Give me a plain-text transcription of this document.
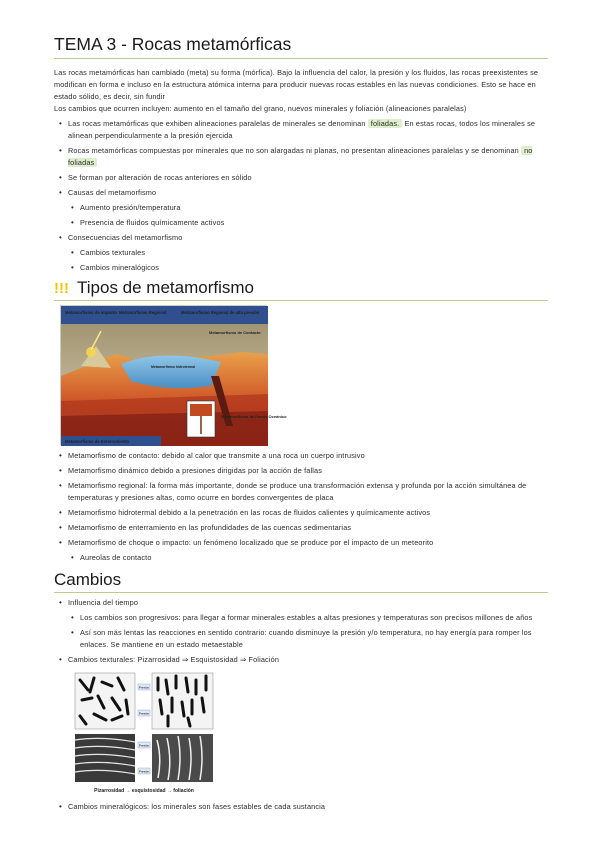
TEMA 3 - Rocas metamórficas

Las rocas metamórficas han cambiado (meta) su forma (mórfica). Bajo la influencia del calor, la presión y los fluidos, las rocas preexistentes se modifican en forma e incluso en la estructura atómica interna para producir nuevas rocas estables en las nuevas condiciones. Esto se hace en estado sólido, es decir, sin fundir

Los cambios que ocurren incluyen: aumento en el tamaño del grano, nuevos minerales y foliación (alineaciones paralelas)

• Las rocas metamórficas que exhiben alineaciones paralelas de minerales se denominan foliadas. En estas rocas, todos los minerales se alinean perpendicularmente a la presión ejercida
• Rocas metamórficas compuestas por minerales que no son alargadas ni planas, no presentan alineaciones paralelas y se denominan no foliadas
• Se forman por alteración de rocas anteriores en sólido
• Causas del metamorfismo
• Aumento presión/temperatura
• Presencia de fluidos químicamente activos
• Consecuencias del metamorfismo
• Cambios texturales
• Cambios mineralógicos
!!! Tipos de metamorfismo
Metamorfismo de impacto Metamorfismo Regional	Metamorfismo Regional de alta presión
Metamorfismo de Contacto
Metamorfismo hidrotermal
Metamorfismo de Fondo Oceánico
Metamorfismo de Enterramiento
• Metamorfismo de contacto: debido al calor que transmite a una roca un cuerpo intrusivo
• Metamorfismo dinámico debido a presiones dirigidas por la acción de fallas
• Metamorfismo regional: la forma más importante, donde se produce una transformación extensa y profunda por la acción simultánea de temperaturas y presiones altas, como ocurre en bordes convergentes de placa
• Metamorfismo hidrotermal debido a la penetración en las rocas de fluidos calientes y químicamente activos
• Metamorfismo de enterramiento en las profundidades de las cuencas sedimentarias
• Metamorfismo de choque o impacto: un fenómeno localizado que se produce por el impacto de un meteorito
• Aureolas de contacto
Cambios
• Influencia del tiempo
• Los cambios son progresivos: para llegar a formar minerales estables a altas presiones y temperaturas son precisos millones de años
• Así son más lentas las reacciones en sentido contrario: cuando disminuye la presión y/o temperatura, no hay energía para romper los enlaces. Se mantiene en un estado metaestable
• Cambios texturales: Pizarrosidad ⇒ Esquistosidad ⇒ Foliación
Presión
Presión
Presión
Presión
Pizarrosidad → esquistosidad → foliación
• Cambios mineralógicos: los minerales son fases estables de cada sustancia
